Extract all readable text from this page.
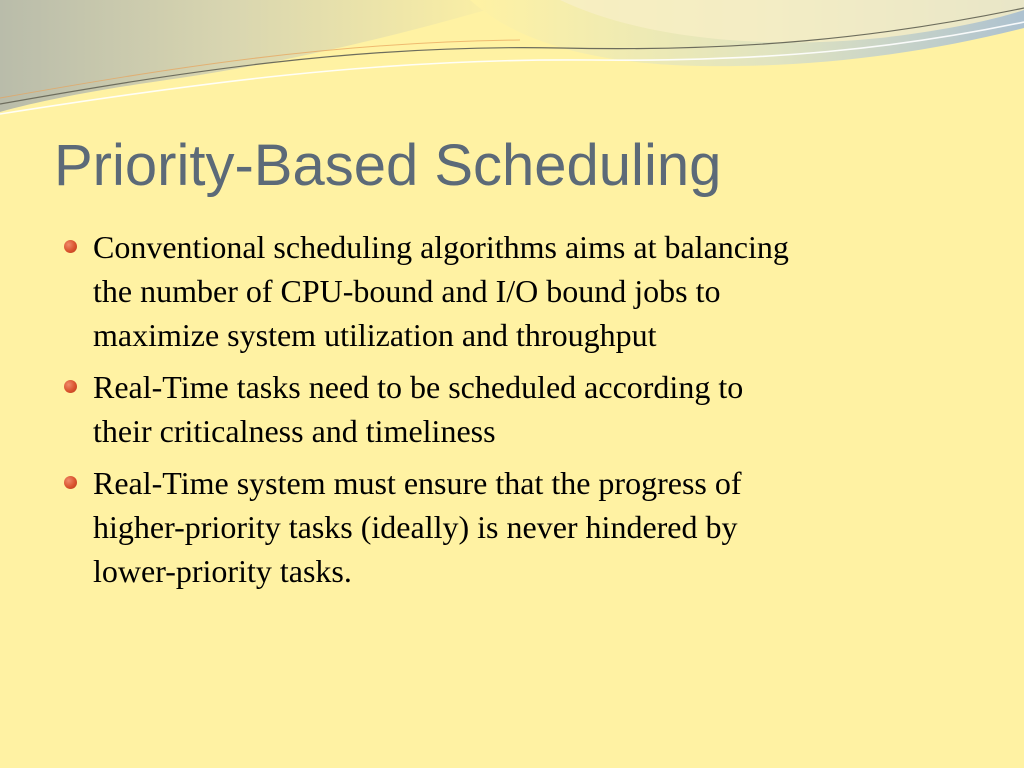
Priority-Based Scheduling
Conventional scheduling algorithms aims at balancing
the number of CPU-bound and I/O bound jobs to
maximize system utilization and throughput
Real-Time tasks need to be scheduled according to
their criticalness and timeliness
Real-Time system must ensure that the progress of
higher-priority tasks (ideally) is never hindered by
lower-priority tasks.
